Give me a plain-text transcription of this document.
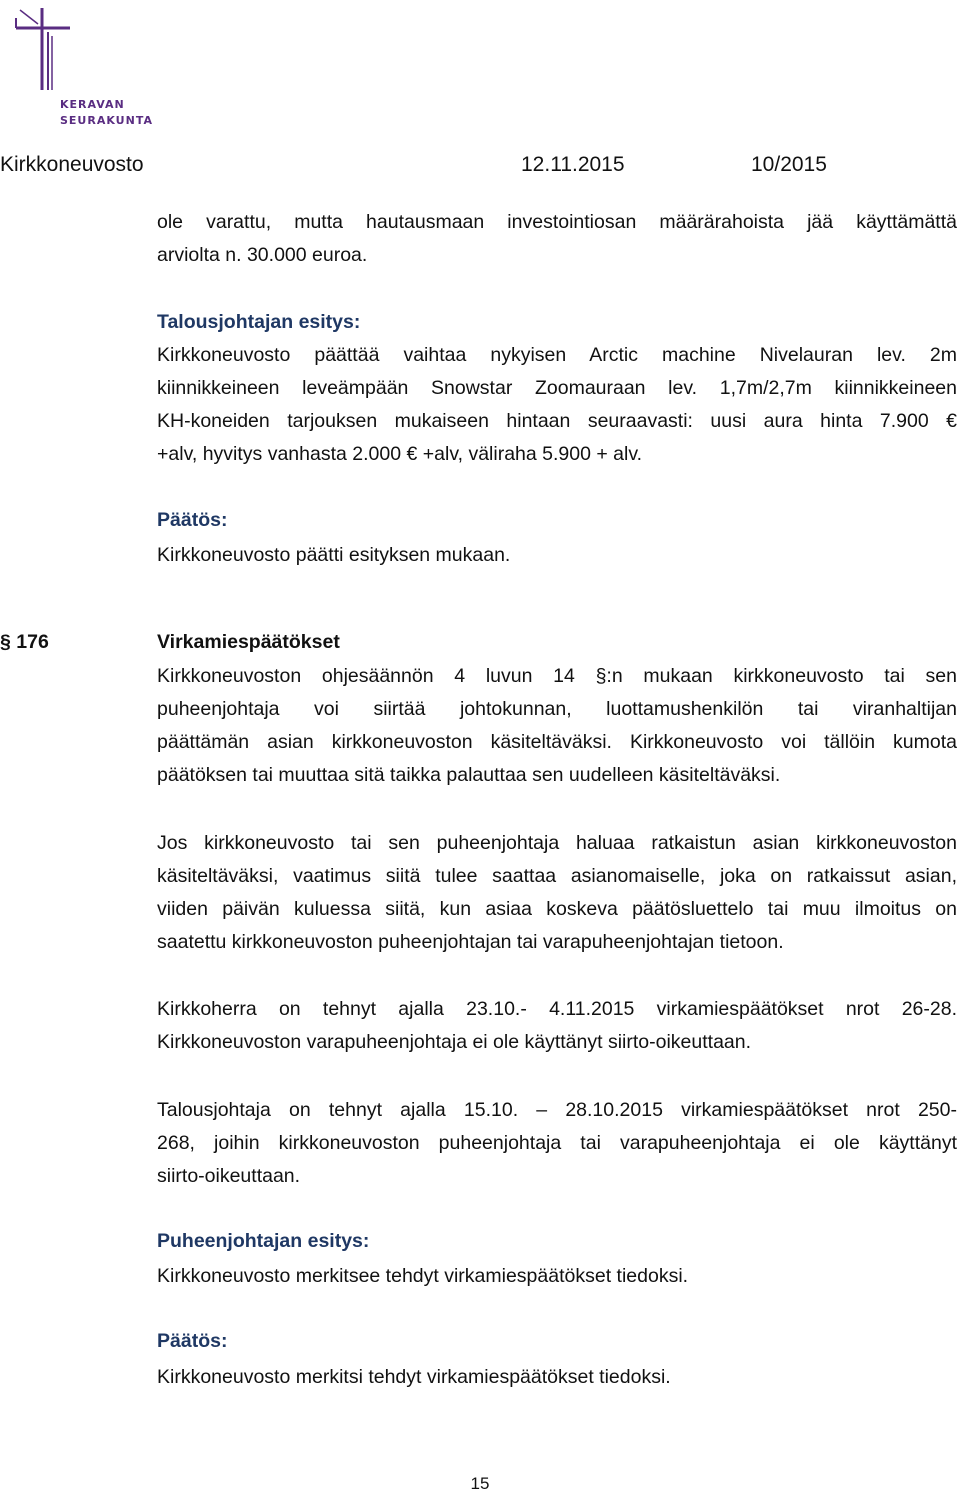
KERAVAN
SEURAKUNTA
Kirkkoneuvosto	12.11.2015	10/2015
ole varattu, mutta hautausmaan investointiosan määrärahoista jää käyttämättä
arviolta n. 30.000 euroa.
Talousjohtajan esitys:
Kirkkoneuvosto päättää vaihtaa nykyisen Arctic machine Nivelauran lev. 2m
kiinnikkeineen leveämpään Snowstar Zoomauraan lev. 1,7m/2,7m kiinnikkeineen
KH-koneiden tarjouksen mukaiseen hintaan seuraavasti: uusi aura hinta 7.900 €
+alv, hyvitys vanhasta 2.000 € +alv, väliraha 5.900 + alv.
Päätös:
Kirkkoneuvosto päätti esityksen mukaan.
§ 176	Virkamiespäätökset
Kirkkoneuvoston ohjesäännön 4 luvun 14 §:n mukaan kirkkoneuvosto tai sen
puheenjohtaja voi siirtää johtokunnan, luottamushenkilön tai viranhaltijan
päättämän asian kirkkoneuvoston käsiteltäväksi. Kirkkoneuvosto voi tällöin kumota
päätöksen tai muuttaa sitä taikka palauttaa sen uudelleen käsiteltäväksi.
Jos kirkkoneuvosto tai sen puheenjohtaja haluaa ratkaistun asian kirkkoneuvoston
käsiteltäväksi, vaatimus siitä tulee saattaa asianomaiselle, joka on ratkaissut asian,
viiden päivän kuluessa siitä, kun asiaa koskeva päätösluettelo tai muu ilmoitus on
saatettu kirkkoneuvoston puheenjohtajan tai varapuheenjohtajan tietoon.
Kirkkoherra on tehnyt ajalla 23.10.- 4.11.2015 virkamiespäätökset nrot 26-28.
Kirkkoneuvoston varapuheenjohtaja ei ole käyttänyt siirto-oikeuttaan.
Talousjohtaja on tehnyt ajalla 15.10. – 28.10.2015 virkamiespäätökset nrot 250-
268, joihin kirkkoneuvoston puheenjohtaja tai varapuheenjohtaja ei ole käyttänyt
siirto-oikeuttaan.
Puheenjohtajan esitys:
Kirkkoneuvosto merkitsee tehdyt virkamiespäätökset tiedoksi.
Päätös:
Kirkkoneuvosto merkitsi tehdyt virkamiespäätökset tiedoksi.
15
